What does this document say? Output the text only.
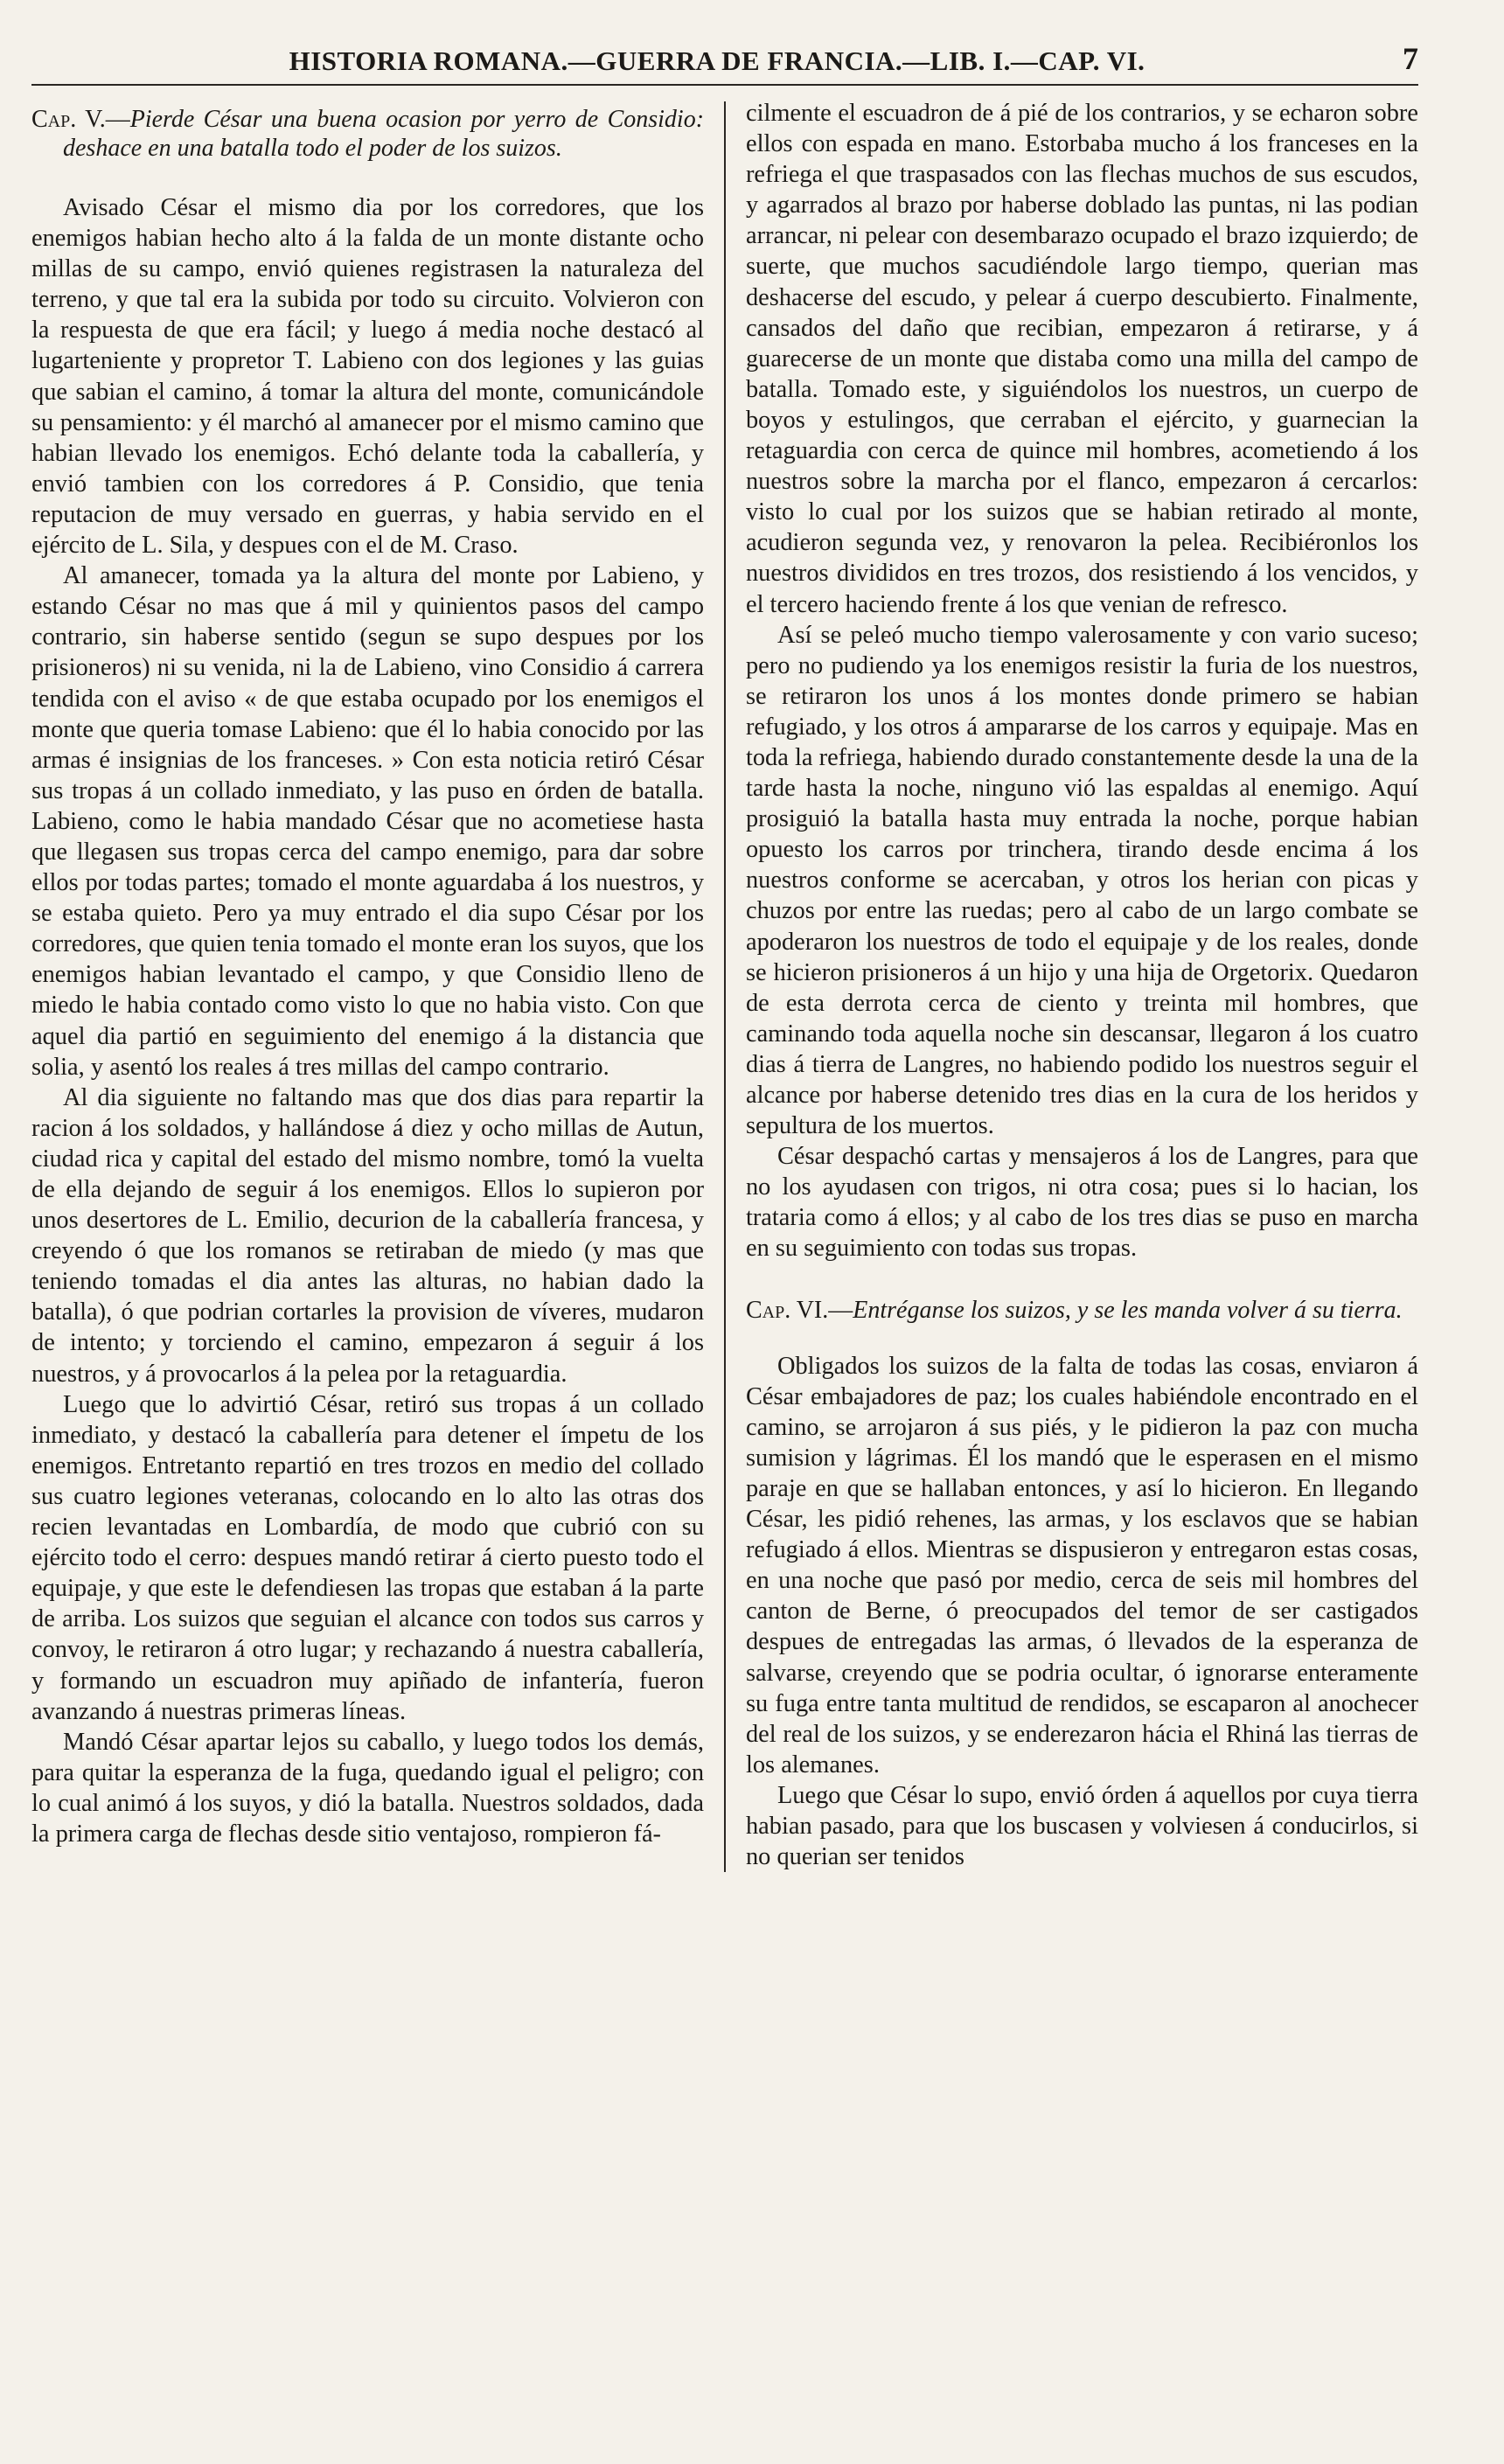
HISTORIA ROMANA.—GUERRA DE FRANCIA.—LIB. I.—CAP. VI.	7
Cap. V.—Pierde César una buena ocasion por yerro de Considio: deshace en una batalla todo el poder de los suizos.

Avisado César el mismo dia por los corredores, que los enemigos habian hecho alto á la falda de un monte distante ocho millas de su campo, envió quienes registrasen la naturaleza del terreno, y que tal era la subida por todo su circuito. Volvieron con la respuesta de que era fácil; y luego á media noche destacó al lugarteniente y propretor T. Labieno con dos legiones y las guias que sabian el camino, á tomar la altura del monte, comunicándole su pensamiento: y él marchó al amanecer por el mismo camino que habian llevado los enemigos. Echó delante toda la caballería, y envió tambien con los corredores á P. Considio, que tenia reputacion de muy versado en guerras, y habia servido en el ejército de L. Sila, y despues con el de M. Craso.

Al amanecer, tomada ya la altura del monte por Labieno, y estando César no mas que á mil y quinientos pasos del campo contrario, sin haberse sentido (segun se supo despues por los prisioneros) ni su venida, ni la de Labieno, vino Considio á carrera tendida con el aviso « de que estaba ocupado por los enemigos el monte que queria tomase Labieno: que él lo habia conocido por las armas é insignias de los franceses. » Con esta noticia retiró César sus tropas á un collado inmediato, y las puso en órden de batalla. Labieno, como le habia mandado César que no acometiese hasta que llegasen sus tropas cerca del campo enemigo, para dar sobre ellos por todas partes; tomado el monte aguardaba á los nuestros, y se estaba quieto. Pero ya muy entrado el dia supo César por los corredores, que quien tenia tomado el monte eran los suyos, que los enemigos habian levantado el campo, y que Considio lleno de miedo le habia contado como visto lo que no habia visto. Con que aquel dia partió en seguimiento del enemigo á la distancia que solia, y asentó los reales á tres millas del campo contrario.

Al dia siguiente no faltando mas que dos dias para repartir la racion á los soldados, y hallándose á diez y ocho millas de Autun, ciudad rica y capital del estado del mismo nombre, tomó la vuelta de ella dejando de seguir á los enemigos. Ellos lo supieron por unos desertores de L. Emilio, decurion de la caballería francesa, y creyendo ó que los romanos se retiraban de miedo (y mas que teniendo tomadas el dia antes las alturas, no habian dado la batalla), ó que podrian cortarles la provision de víveres, mudaron de intento; y torciendo el camino, empezaron á seguir á los nuestros, y á provocarlos á la pelea por la retaguardia.

Luego que lo advirtió César, retiró sus tropas á un collado inmediato, y destacó la caballería para detener el ímpetu de los enemigos. Entretanto repartió en tres trozos en medio del collado sus cuatro legiones veteranas, colocando en lo alto las otras dos recien levantadas en Lombardía, de modo que cubrió con su ejército todo el cerro: despues mandó retirar á cierto puesto todo el equipaje, y que este le defendiesen las tropas que estaban á la parte de arriba. Los suizos que seguian el alcance con todos sus carros y convoy, le retiraron á otro lugar; y rechazando á nuestra caballería, y formando un escuadron muy apiñado de infantería, fueron avanzando á nuestras primeras líneas.

Mandó César apartar lejos su caballo, y luego todos los demás, para quitar la esperanza de la fuga, quedando igual el peligro; con lo cual animó á los suyos, y dió la batalla. Nuestros soldados, dada la primera carga de flechas desde sitio ventajoso, rompieron fá-

cilmente el escuadron de á pié de los contrarios, y se echaron sobre ellos con espada en mano. Estorbaba mucho á los franceses en la refriega el que traspasados con las flechas muchos de sus escudos, y agarrados al brazo por haberse doblado las puntas, ni las podian arrancar, ni pelear con desembarazo ocupado el brazo izquierdo; de suerte, que muchos sacudiéndole largo tiempo, querian mas deshacerse del escudo, y pelear á cuerpo descubierto. Finalmente, cansados del daño que recibian, empezaron á retirarse, y á guarecerse de un monte que distaba como una milla del campo de batalla. Tomado este, y siguiéndolos los nuestros, un cuerpo de boyos y estulingos, que cerraban el ejército, y guarnecian la retaguardia con cerca de quince mil hombres, acometiendo á los nuestros sobre la marcha por el flanco, empezaron á cercarlos: visto lo cual por los suizos que se habian retirado al monte, acudieron segunda vez, y renovaron la pelea. Recibiéronlos los nuestros divididos en tres trozos, dos resistiendo á los vencidos, y el tercero haciendo frente á los que venian de refresco.

Así se peleó mucho tiempo valerosamente y con vario suceso; pero no pudiendo ya los enemigos resistir la furia de los nuestros, se retiraron los unos á los montes donde primero se habian refugiado, y los otros á ampararse de los carros y equipaje. Mas en toda la refriega, habiendo durado constantemente desde la una de la tarde hasta la noche, ninguno vió las espaldas al enemigo. Aquí prosiguió la batalla hasta muy entrada la noche, porque habian opuesto los carros por trinchera, tirando desde encima á los nuestros conforme se acercaban, y otros los herian con picas y chuzos por entre las ruedas; pero al cabo de un largo combate se apoderaron los nuestros de todo el equipaje y de los reales, donde se hicieron prisioneros á un hijo y una hija de Orgetorix. Quedaron de esta derrota cerca de ciento y treinta mil hombres, que caminando toda aquella noche sin descansar, llegaron á los cuatro dias á tierra de Langres, no habiendo podido los nuestros seguir el alcance por haberse detenido tres dias en la cura de los heridos y sepultura de los muertos.

César despachó cartas y mensajeros á los de Langres, para que no los ayudasen con trigos, ni otra cosa; pues si lo hacian, los trataria como á ellos; y al cabo de los tres dias se puso en marcha en su seguimiento con todas sus tropas.

Cap. VI.—Entréganse los suizos, y se les manda volver á su tierra.

Obligados los suizos de la falta de todas las cosas, enviaron á César embajadores de paz; los cuales habiéndole encontrado en el camino, se arrojaron á sus piés, y le pidieron la paz con mucha sumision y lágrimas. Él los mandó que le esperasen en el mismo paraje en que se hallaban entonces, y así lo hicieron. En llegando César, les pidió rehenes, las armas, y los esclavos que se habian refugiado á ellos. Mientras se dispusieron y entregaron estas cosas, en una noche que pasó por medio, cerca de seis mil hombres del canton de Berne, ó preocupados del temor de ser castigados despues de entregadas las armas, ó llevados de la esperanza de salvarse, creyendo que se podria ocultar, ó ignorarse enteramente su fuga entre tanta multitud de rendidos, se escaparon al anochecer del real de los suizos, y se enderezaron hácia el Rhiná las tierras de los alemanes.

Luego que César lo supo, envió órden á aquellos por cuya tierra habian pasado, para que los buscasen y volviesen á conducirlos, si no querian ser tenidos
